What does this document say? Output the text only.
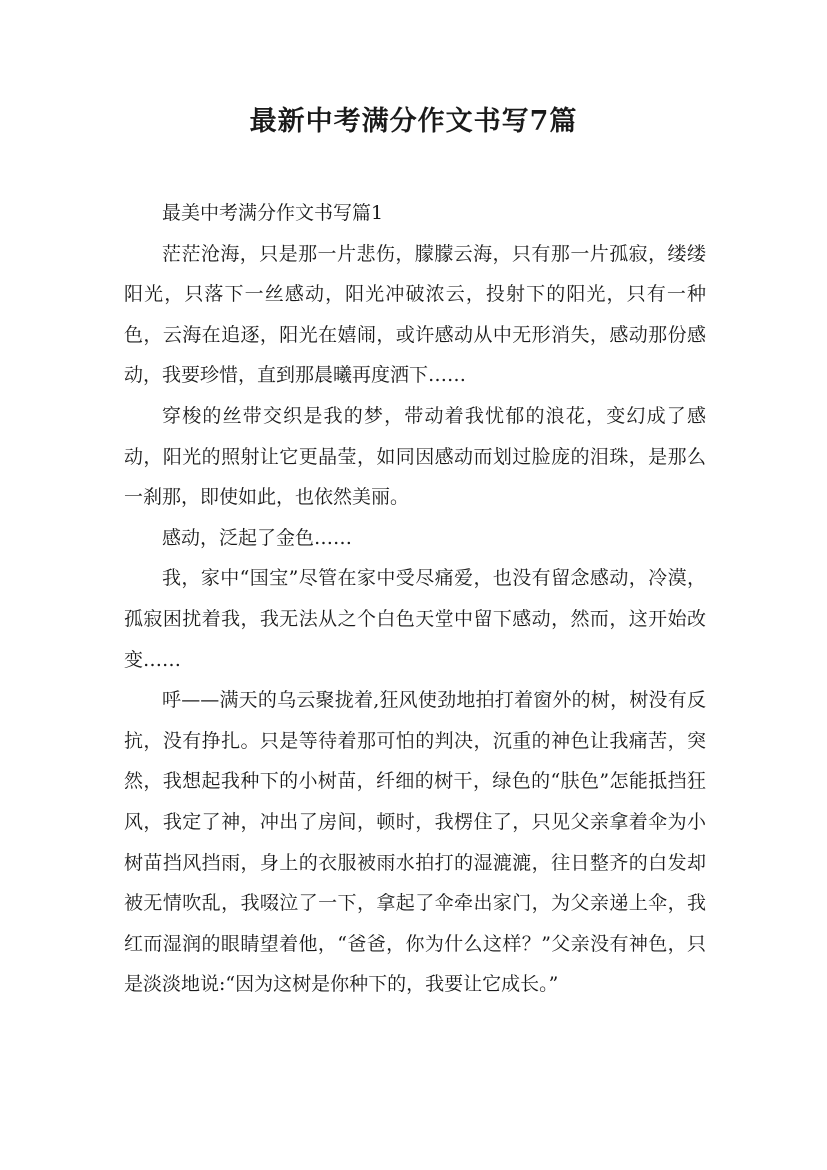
最新中考满分作文书写7篇

最美中考满分作文书写篇1

茫茫沧海，只是那一片悲伤，朦朦云海，只有那一片孤寂，缕缕阳光，只落下一丝感动，阳光冲破浓云，投射下的阳光，只有一种色，云海在追逐，阳光在嬉闹，或许感动从中无形消失，感动那份感动，我要珍惜，直到那晨曦再度洒下……

穿梭的丝带交织是我的梦，带动着我忧郁的浪花，变幻成了感动，阳光的照射让它更晶莹，如同因感动而划过脸庞的泪珠，是那么一刹那，即使如此，也依然美丽。

感动，泛起了金色……

我，家中“国宝”尽管在家中受尽痛爱，也没有留念感动，冷漠，孤寂困扰着我，我无法从之个白色天堂中留下感动，然而，这开始改变……

呼——满天的乌云聚拢着,狂风使劲地拍打着窗外的树，树没有反抗，没有挣扎。只是等待着那可怕的判决，沉重的神色让我痛苦，突然，我想起我种下的小树苗，纤细的树干，绿色的“肤色”怎能抵挡狂风，我定了神，冲出了房间，顿时，我楞住了，只见父亲拿着伞为小树苗挡风挡雨，身上的衣服被雨水拍打的湿漉漉，往日整齐的白发却被无情吹乱，我啜泣了一下，拿起了伞牵出家门，为父亲递上伞，我红而湿润的眼睛望着他，“爸爸，你为什么这样？”父亲没有神色，只是淡淡地说:“因为这树是你种下的，我要让它成长。”
